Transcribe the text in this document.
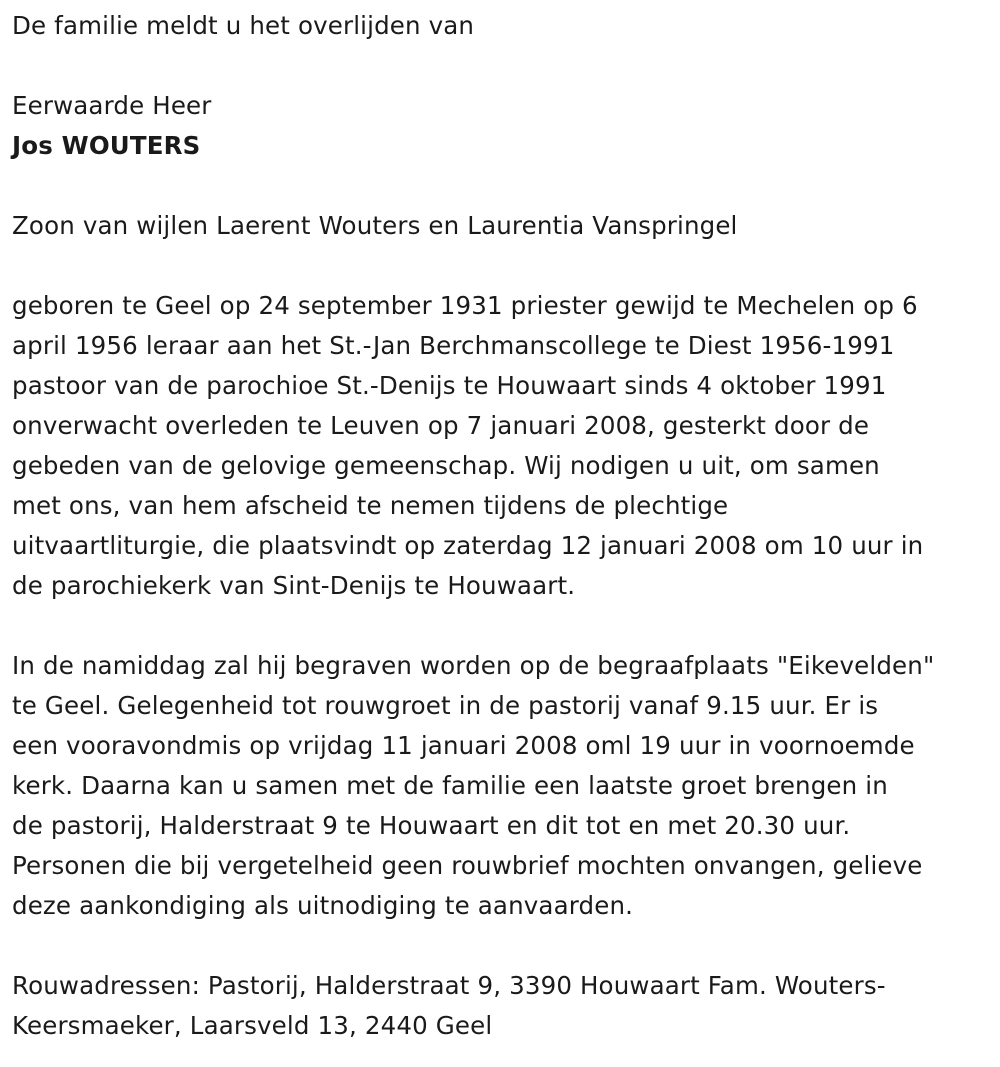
De familie meldt u het overlijden van

Eerwaarde Heer

Jos WOUTERS

Zoon van wijlen Laerent Wouters en Laurentia Vanspringel

geboren te Geel op 24 september 1931 priester gewijd te Mechelen op 6
april 1956 leraar aan het St.-Jan Berchmanscollege te Diest 1956-1991
pastoor van de parochioe St.-Denijs te Houwaart sinds 4 oktober 1991
onverwacht overleden te Leuven op 7 januari 2008, gesterkt door de
gebeden van de gelovige gemeenschap. Wij nodigen u uit, om samen
met ons, van hem afscheid te nemen tijdens de plechtige
uitvaartliturgie, die plaatsvindt op zaterdag 12 januari 2008 om 10 uur in
de parochiekerk van Sint-Denijs te Houwaart.
In de namiddag zal hij begraven worden op de begraafplaats "Eikevelden"
te Geel. Gelegenheid tot rouwgroet in de pastorij vanaf 9.15 uur. Er is
een vooravondmis op vrijdag 11 januari 2008 oml 19 uur in voornoemde
kerk. Daarna kan u samen met de familie een laatste groet brengen in
de pastorij, Halderstraat 9 te Houwaart en dit tot en met 20.30 uur.
Personen die bij vergetelheid geen rouwbrief mochten onvangen, gelieve
deze aankondiging als uitnodiging te aanvaarden.
Rouwadressen: Pastorij, Halderstraat 9, 3390 Houwaart Fam. Wouters-
Keersmaeker, Laarsveld 13, 2440 Geel
